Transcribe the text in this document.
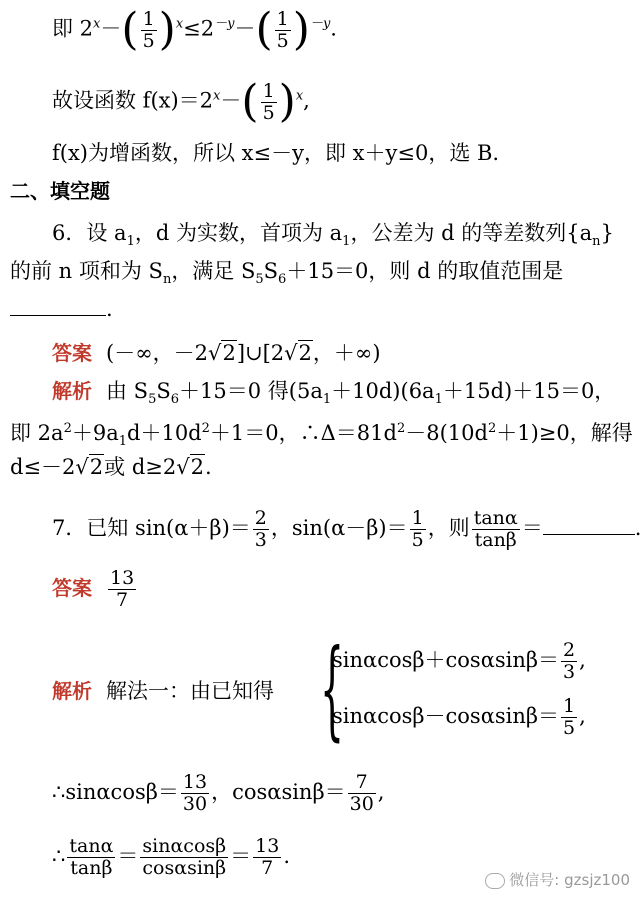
即 $2^x-( \frac{1}{5} )^x\le 2^{-y}-( \frac{1}{5} )^{-y}$.
故设函数 $f(x)=2^x-( \frac{1}{5} )^x$,
f(x)为增函数，所以 x≤－y，即 x＋y≤0，选 B.
二、填空题
6．设 $a_1$，d 为实数，首项为 $a_1$，公差为 d 的等差数列$\{a_n\}$
的前 n 项和为 $S_n$，满足 $S_5S_6+15=0$，则 d 的取值范围是
.
答案 (－∞，－2√2]∪[2√2，＋∞)
解析 由 $S_5S_6+15=0$ 得$(5a_1+10d)(6a_1+15d)+15=0$，
即 $2a^2+9a_1d+10d^2+1=0$，$\therefore\Delta=81d^2-8(10d^2+1)\ge 0$，解得
d≤－2√2或 d≥2√2.
7．已知 $\sin(\alpha+\beta)= \frac{2}{3}$ ，$\sin(\alpha-\beta)= \frac{1}{5}$ ，则 $\frac{\tan\alpha}{\tan\beta}$ ＝	.
答案 $\frac{13}{7}$
解析 解法一：由已知得 {
$\sin\alpha\cos\beta+\cos\alpha\sin\beta= \frac{2}{3}$ ,
$\sin\alpha\cos\beta-\cos\alpha\sin\beta= \frac{1}{5}$ ,
∴sinαcosβ＝ $\frac{13}{30}$ ，$\cos\alpha\sin\beta= \frac{7}{30}$ ,
∴ $\frac{\tan\alpha}{\tan\beta} = \frac{\sin\alpha\cos\beta}{\cos\alpha\sin\beta} = \frac{13}{7}$ .
微信号: gzsjz100
